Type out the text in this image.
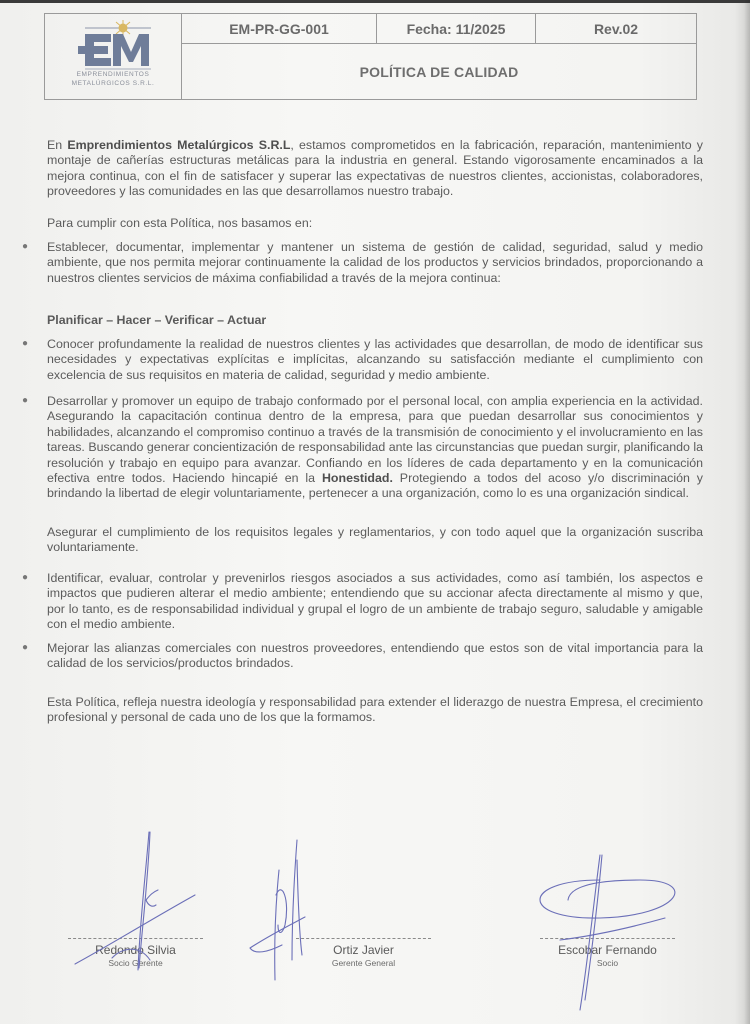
EMPRENDIMIENTOS
METALÚRGICOS S.R.L.
EM-PR-GG-001	Fecha: 11/2025	Rev.02
POLÍTICA DE CALIDAD
En Emprendimientos Metalúrgicos S.R.L, estamos comprometidos en la fabricación, reparación, mantenimiento y montaje de cañerías estructuras metálicas para la industria en general. Estando vigorosamente encaminados a la mejora continua, con el fin de satisfacer y superar las expectativas de nuestros clientes, accionistas, colaboradores, proveedores y las comunidades en las que desarrollamos nuestro trabajo.
Para cumplir con esta Política, nos basamos en:
● Establecer, documentar, implementar y mantener un sistema de gestión de calidad, seguridad, salud y medio ambiente, que nos permita mejorar continuamente la calidad de los productos y servicios brindados, proporcionando a nuestros clientes servicios de máxima confiabilidad a través de la mejora continua:
Planificar – Hacer – Verificar – Actuar
● Conocer profundamente la realidad de nuestros clientes y las actividades que desarrollan, de modo de identificar sus necesidades y expectativas explícitas e implícitas, alcanzando su satisfacción mediante el cumplimiento con excelencia de sus requisitos en materia de calidad, seguridad y medio ambiente.
● Desarrollar y promover un equipo de trabajo conformado por el personal local, con amplia experiencia en la actividad. Asegurando la capacitación continua dentro de la empresa, para que puedan desarrollar sus conocimientos y habilidades, alcanzando el compromiso continuo a través de la transmisión de conocimiento y el involucramiento en las tareas. Buscando generar concientización de responsabilidad ante las circunstancias que puedan surgir, planificando la resolución y trabajo en equipo para avanzar. Confiando en los líderes de cada departamento y en la comunicación efectiva entre todos. Haciendo hincapié en la Honestidad. Protegiendo a todos del acoso y/o discriminación y brindando la libertad de elegir voluntariamente, pertenecer a una organización, como lo es una organización sindical.
Asegurar el cumplimiento de los requisitos legales y reglamentarios, y con todo aquel que la organización suscriba voluntariamente.
● Identificar, evaluar, controlar y prevenirlos riesgos asociados a sus actividades, como así también, los aspectos e impactos que pudieren alterar el medio ambiente; entendiendo que su accionar afecta directamente al mismo y que, por lo tanto, es de responsabilidad individual y grupal el logro de un ambiente de trabajo seguro, saludable y amigable con el medio ambiente.
● Mejorar las alianzas comerciales con nuestros proveedores, entendiendo que estos son de vital importancia para la calidad de los servicios/productos brindados.
Esta Política, refleja nuestra ideología y responsabilidad para extender el liderazgo de nuestra Empresa, el crecimiento profesional y personal de cada uno de los que la formamos.
Redondo Silvia
Socio Gerente
Ortiz Javier
Gerente General
Escobar Fernando
Socio
